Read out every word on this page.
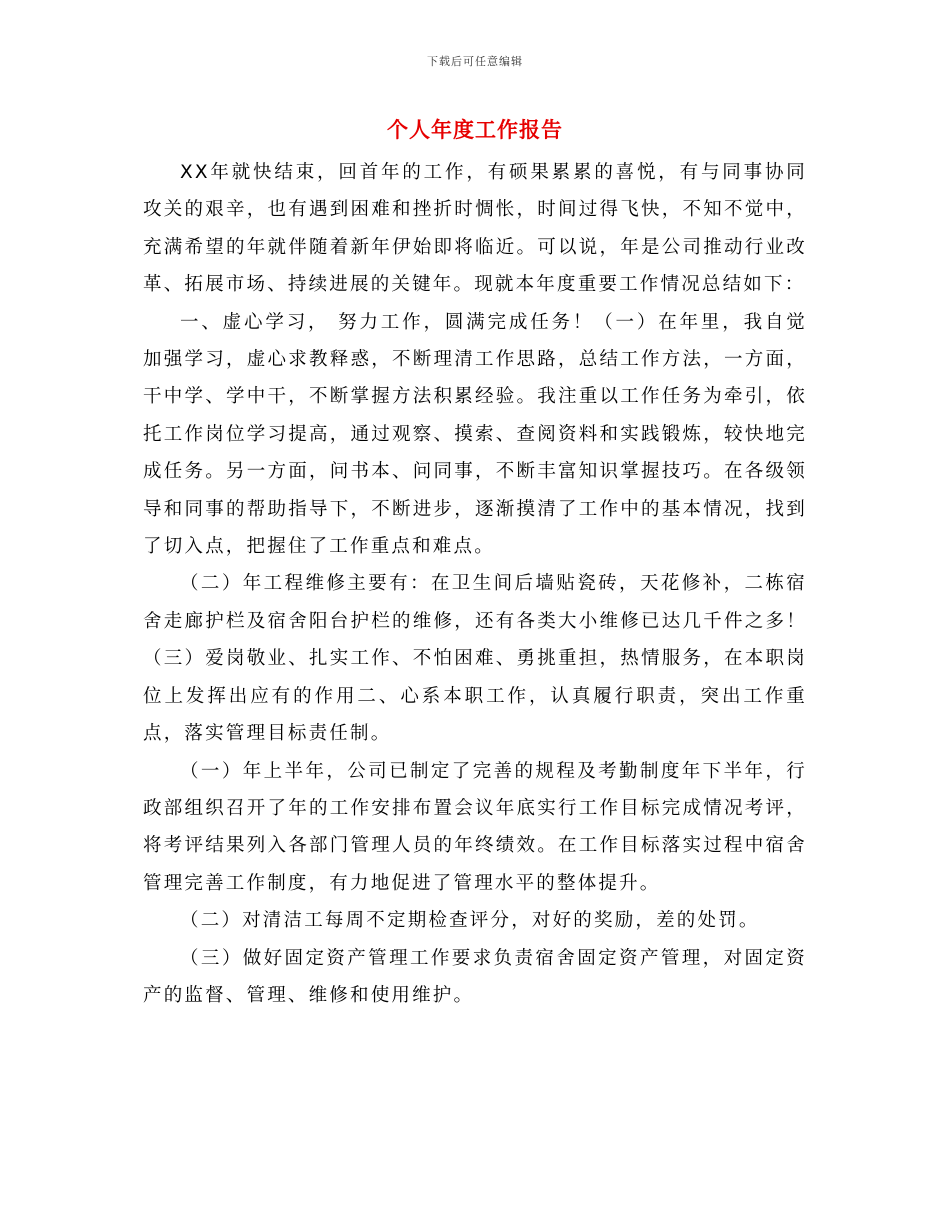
下载后可任意编辑
个人年度工作报告

XX年就快结束，回首年的工作，有硕果累累的喜悦，有与同事协同攻关的艰辛，也有遇到困难和挫折时惆怅，时间过得飞快，不知不觉中，充满希望的年就伴随着新年伊始即将临近。可以说，年是公司推动行业改革、拓展市场、持续进展的关键年。现就本年度重要工作情况总结如下：

一、虚心学习， 努力工作，圆满完成任务！（一）在年里，我自觉加强学习，虚心求教释惑，不断理清工作思路，总结工作方法，一方面，干中学、学中干，不断掌握方法积累经验。我注重以工作任务为牵引，依托工作岗位学习提高，通过观察、摸索、查阅资料和实践锻炼，较快地完成任务。另一方面，问书本、问同事，不断丰富知识掌握技巧。在各级领导和同事的帮助指导下，不断进步，逐渐摸清了工作中的基本情况，找到了切入点，把握住了工作重点和难点。

（二）年工程维修主要有：在卫生间后墙贴瓷砖，天花修补，二栋宿舍走廊护栏及宿舍阳台护栏的维修，还有各类大小维修已达几千件之多！（三）爱岗敬业、扎实工作、不怕困难、勇挑重担，热情服务，在本职岗位上发挥出应有的作用二、心系本职工作，认真履行职责，突出工作重点，落实管理目标责任制。

（一）年上半年，公司已制定了完善的规程及考勤制度年下半年，行政部组织召开了年的工作安排布置会议年底实行工作目标完成情况考评，将考评结果列入各部门管理人员的年终绩效。在工作目标落实过程中宿舍管理完善工作制度，有力地促进了管理水平的整体提升。

（二）对清洁工每周不定期检查评分，对好的奖励，差的处罚。

（三）做好固定资产管理工作要求负责宿舍固定资产管理，对固定资产的监督、管理、维修和使用维护。
